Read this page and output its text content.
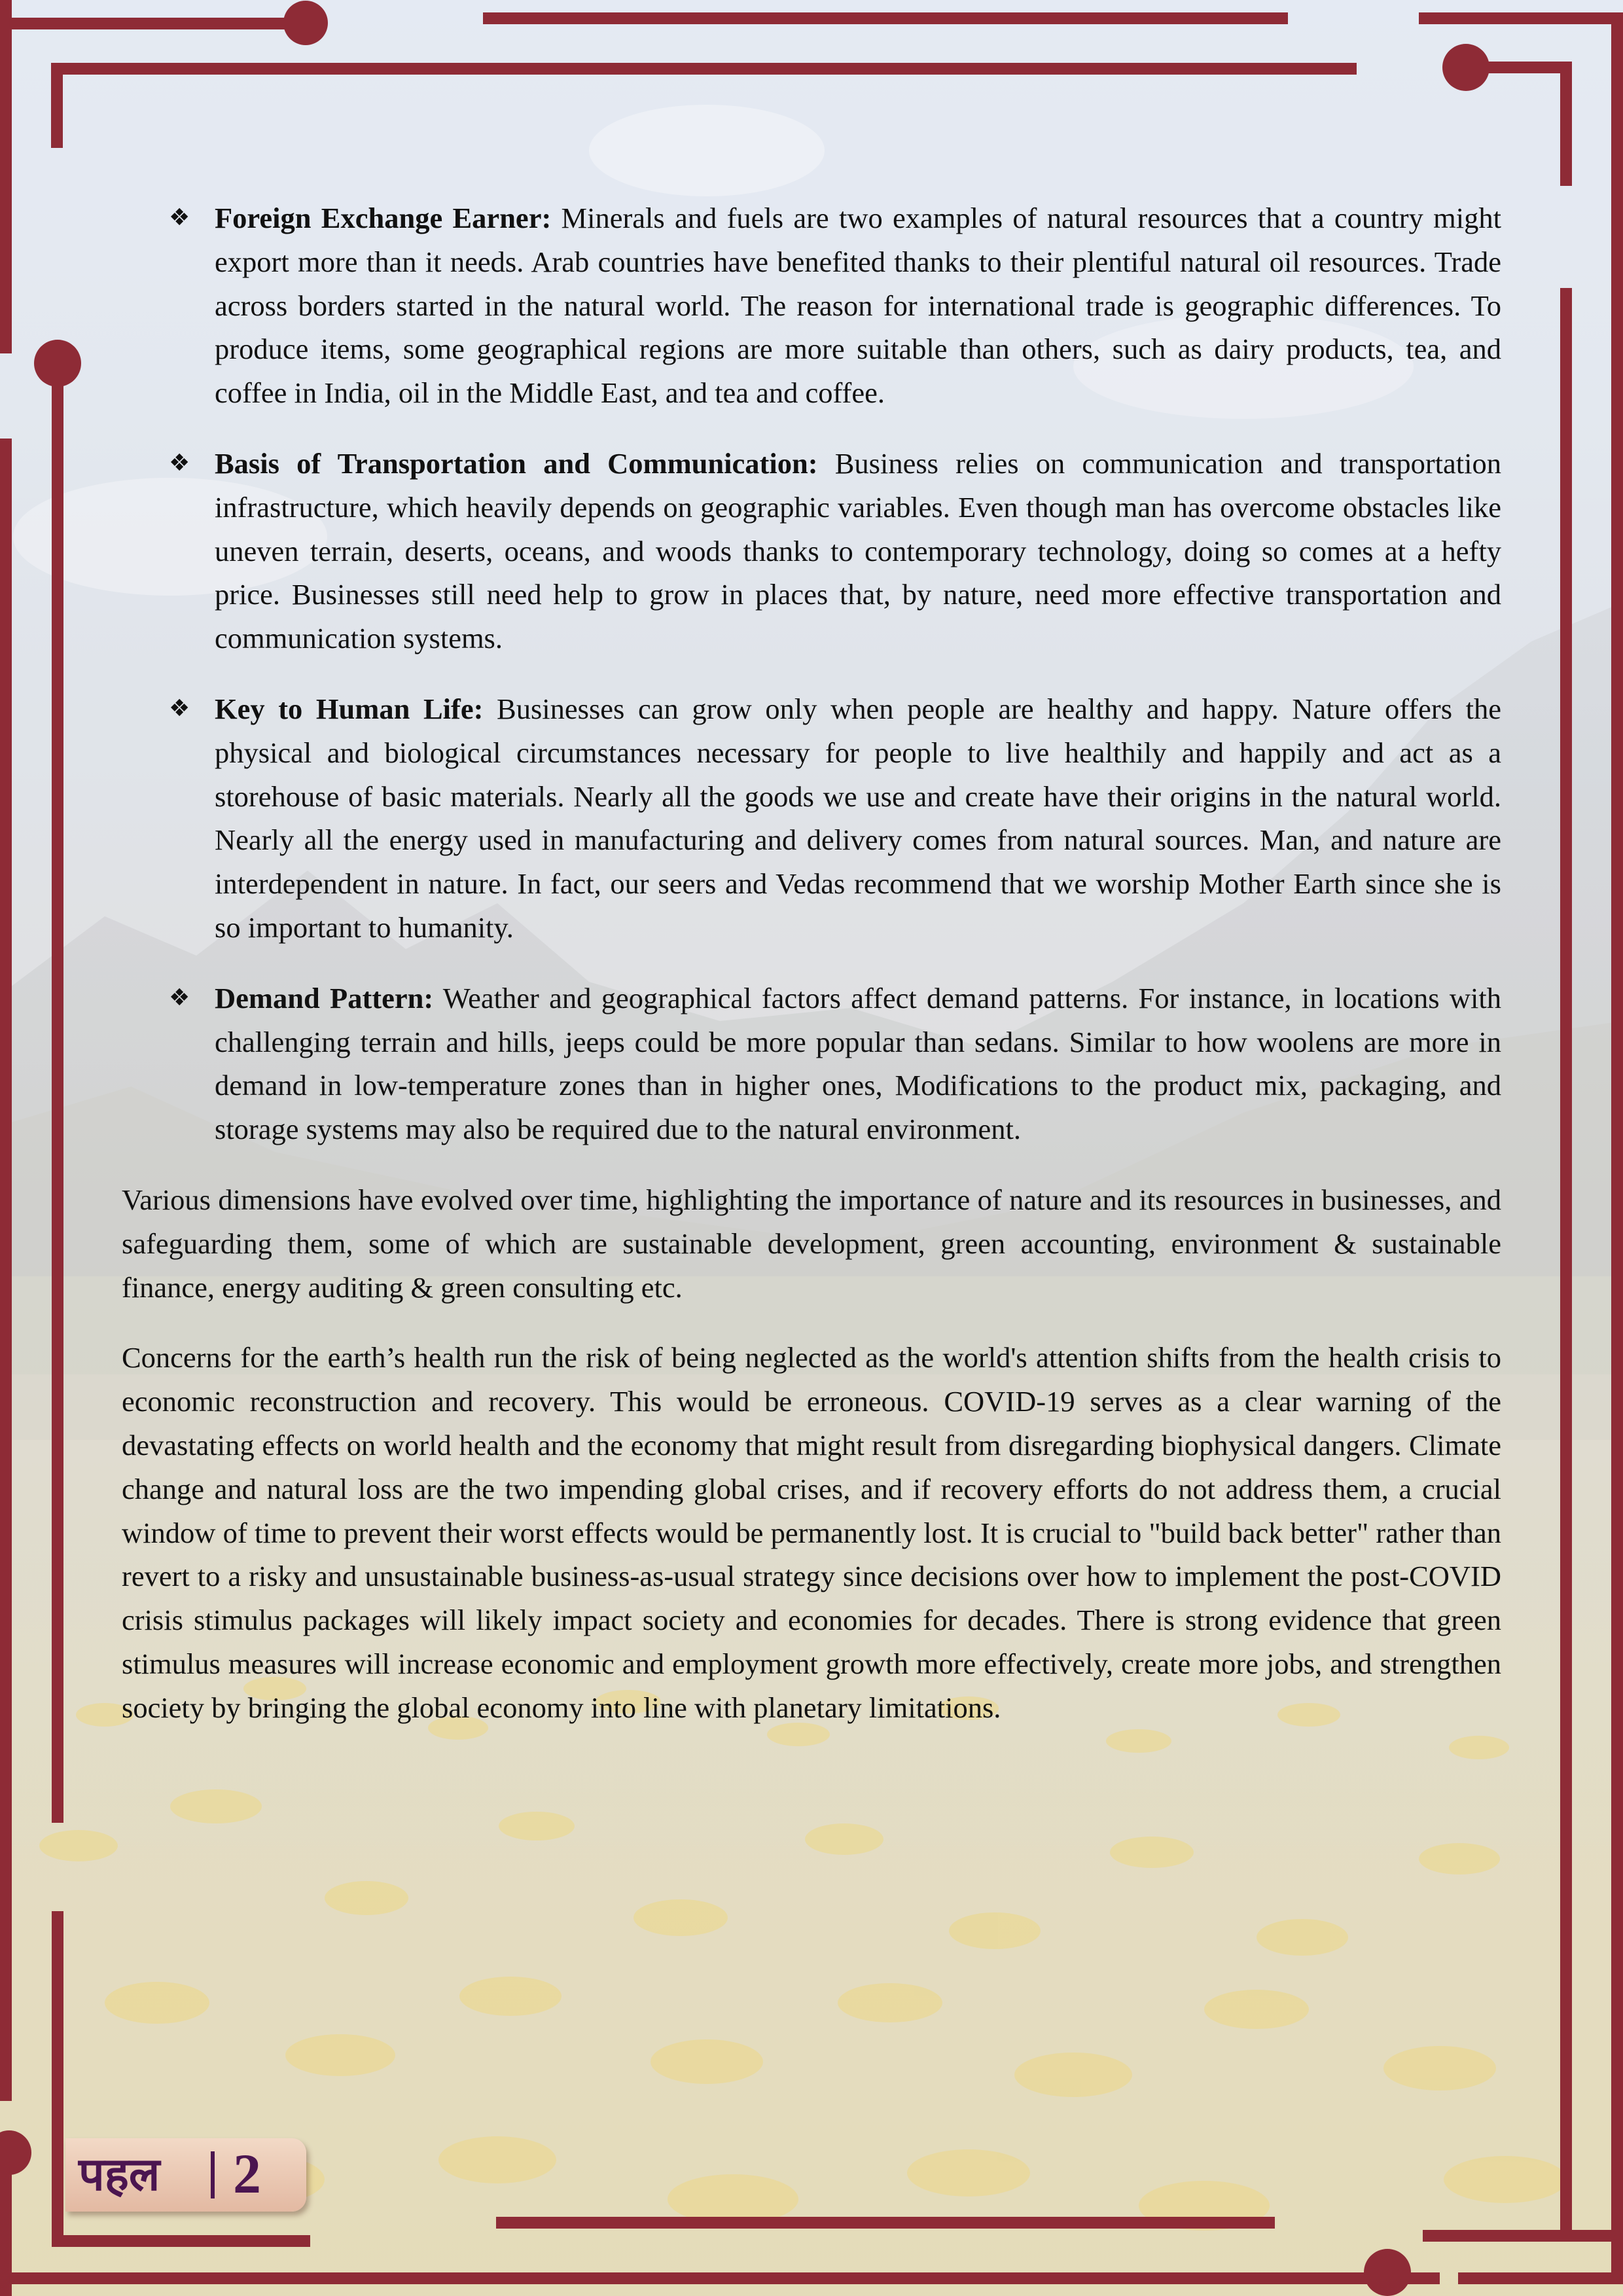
❖ Foreign Exchange Earner: Minerals and fuels are two examples of natural resources that a country might export more than it needs. Arab countries have benefited thanks to their plentiful natural oil resources. Trade across borders started in the natural world. The reason for international trade is geographic differences. To produce items, some geographical regions are more suitable than others, such as dairy products, tea, and coffee in India, oil in the Middle East, and tea and coffee.
❖ Basis of Transportation and Communication: Business relies on communication and transportation infrastructure, which heavily depends on geographic variables. Even though man has overcome obstacles like uneven terrain, deserts, oceans, and woods thanks to contemporary technology, doing so comes at a hefty price. Businesses still need help to grow in places that, by nature, need more effective transportation and communication systems.
❖ Key to Human Life: Businesses can grow only when people are healthy and happy. Nature offers the physical and biological circumstances necessary for people to live healthily and happily and act as a storehouse of basic materials. Nearly all the goods we use and create have their origins in the natural world. Nearly all the energy used in manufacturing and delivery comes from natural sources. Man, and nature are interdependent in nature. In fact, our seers and Vedas recommend that we worship Mother Earth since she is so important to humanity.
❖ Demand Pattern: Weather and geographical factors affect demand patterns. For instance, in locations with challenging terrain and hills, jeeps could be more popular than sedans. Similar to how woolens are more in demand in low-temperature zones than in higher ones, Modifications to the product mix, packaging, and storage systems may also be required due to the natural environment.

Various dimensions have evolved over time, highlighting the importance of nature and its resources in businesses, and safeguarding them, some of which are sustainable development, green accounting, environment & sustainable finance, energy auditing & green consulting etc.

Concerns for the earth’s health run the risk of being neglected as the world's attention shifts from the health crisis to economic reconstruction and recovery. This would be erroneous. COVID-19 serves as a clear warning of the devastating effects on world health and the economy that might result from disregarding biophysical dangers. Climate change and natural loss are the two impending global crises, and if recovery efforts do not address them, a crucial window of time to prevent their worst effects would be permanently lost. It is crucial to "build back better" rather than revert to a risky and unsustainable business-as-usual strategy since decisions over how to implement the post-COVID crisis stimulus packages will likely impact society and economies for decades. There is strong evidence that green stimulus measures will increase economic and employment growth more effectively, create more jobs, and strengthen society by bringing the global economy into line with planetary limitations.

पहल 2
